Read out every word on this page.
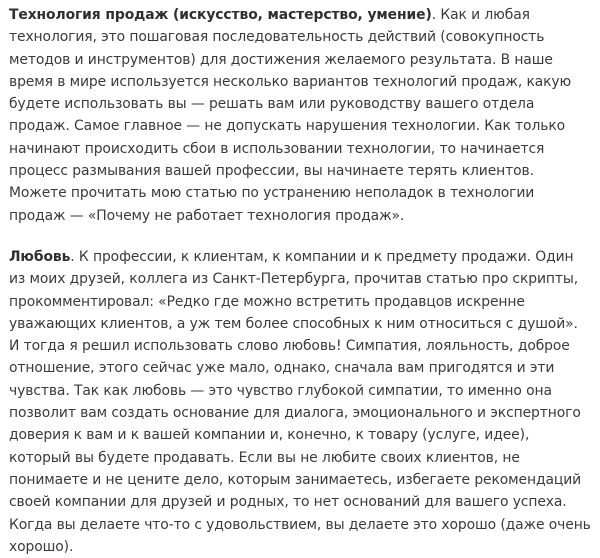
Технология продаж (искусство, мастерство, умение). Как и любая технология, это пошаговая последовательность действий (совокупность методов и инструментов) для достижения желаемого результата. В наше время в мире используется несколько вариантов технологий продаж, какую будете использовать вы — решать вам или руководству вашего отдела продаж. Самое главное — не допускать нарушения технологии. Как только начинают происходить сбои в использовании технологии, то начинается процесс размывания вашей профессии, вы начинаете терять клиентов. Можете прочитать мою статью по устранению неполадок в технологии продаж — «Почему не работает технология продаж».

Любовь. К профессии, к клиентам, к компании и к предмету продажи. Один из моих друзей, коллега из Санкт-Петербурга, прочитав статью про скрипты, прокомментировал: «Редко где можно встретить продавцов искренне уважающих клиентов, а уж тем более способных к ним относиться с душой». И тогда я решил использовать слово любовь! Симпатия, лояльность, доброе отношение, этого сейчас уже мало, однако, сначала вам пригодятся и эти чувства. Так как любовь — это чувство глубокой симпатии, то именно она позволит вам создать основание для диалога, эмоционального и экспертного доверия к вам и к вашей компании и, конечно, к товару (услуге, идее), который вы будете продавать. Если вы не любите своих клиентов, не понимаете и не цените дело, которым занимаетесь, избегаете рекомендаций своей компании для друзей и родных, то нет оснований для вашего успеха. Когда вы делаете что-то с удовольствием, вы делаете это хорошо (даже очень хорошо).
